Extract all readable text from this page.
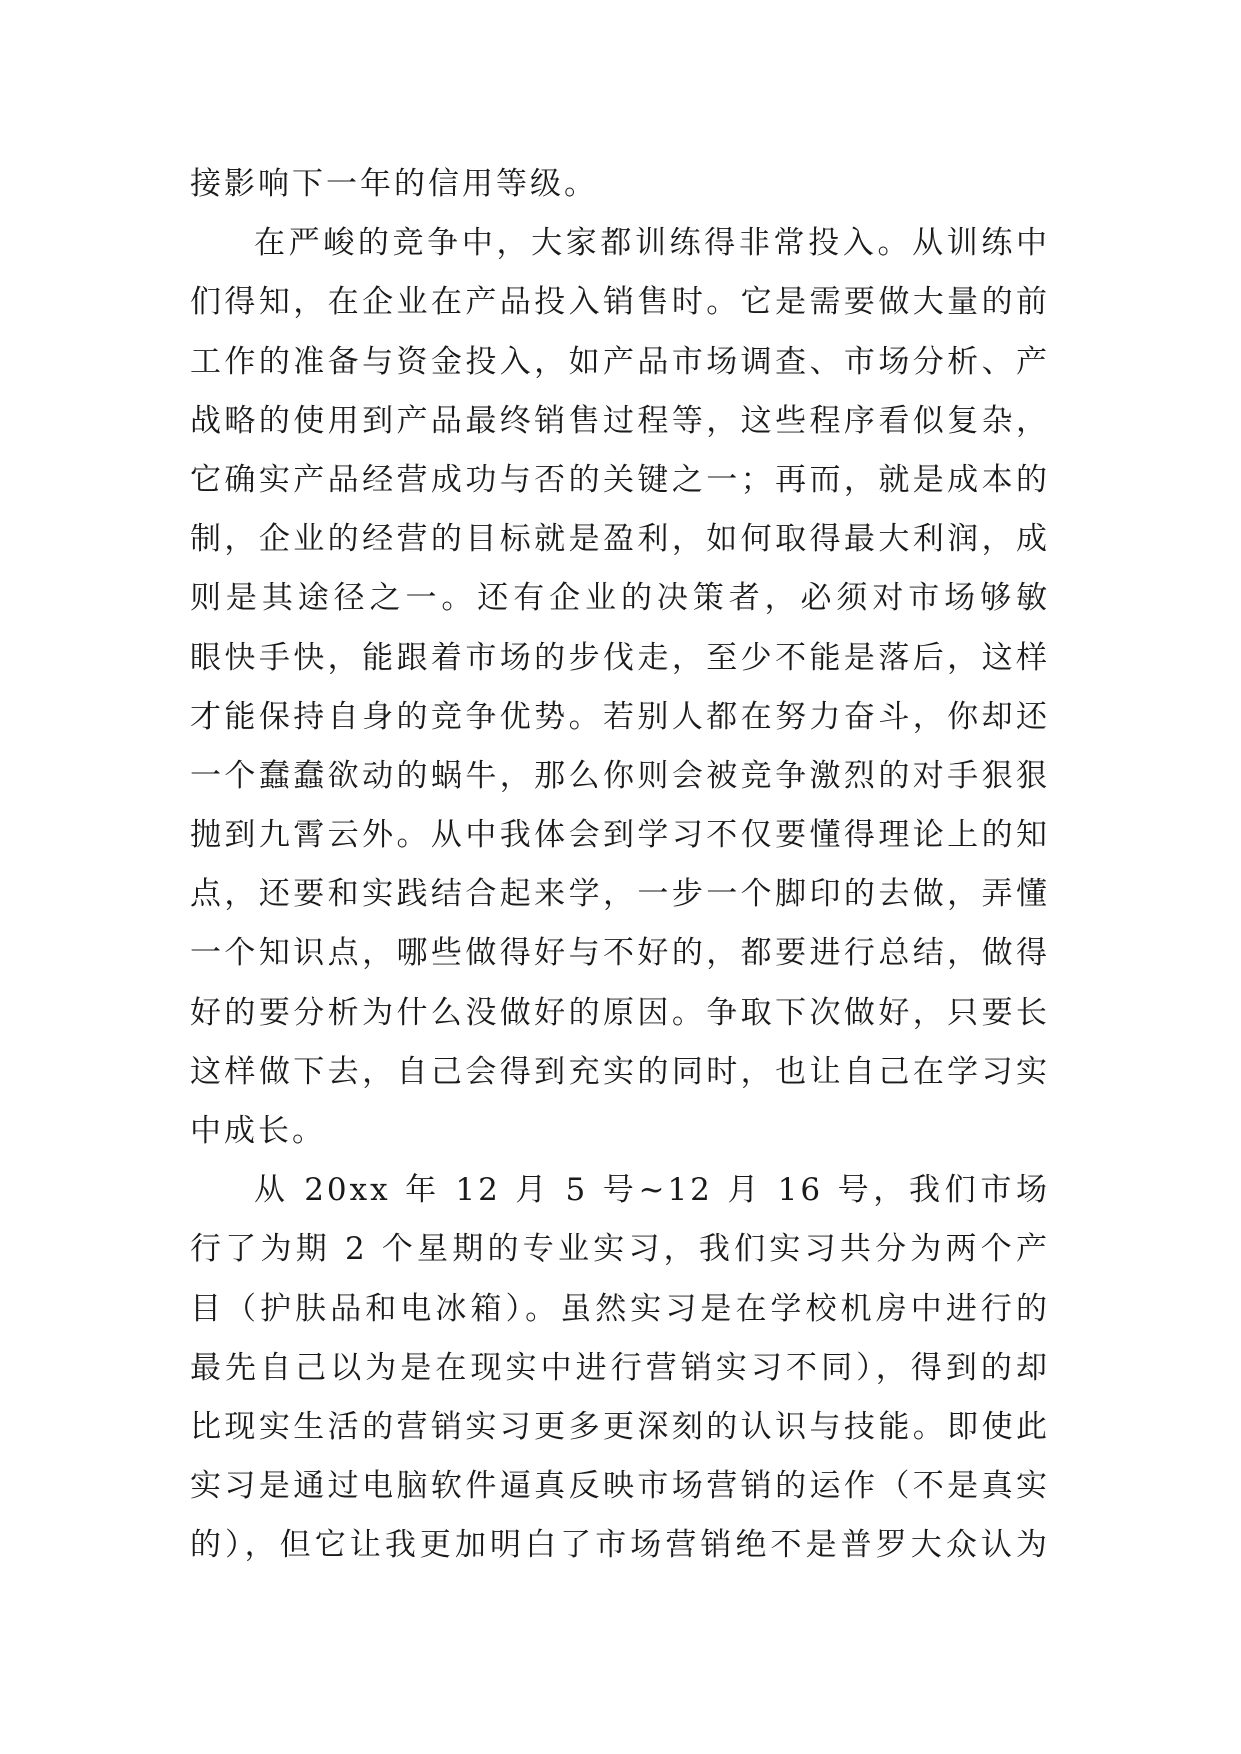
接影响下一年的信用等级。
在严峻的竞争中，大家都训练得非常投入。从训练中
们得知，在企业在产品投入销售时。它是需要做大量的前
工作的准备与资金投入，如产品市场调查、市场分析、产
战略的使用到产品最终销售过程等，这些程序看似复杂，
它确实产品经营成功与否的关键之一；再而，就是成本的
制，企业的经营的目标就是盈利，如何取得最大利润，成
则是其途径之一。还有企业的决策者，必须对市场够敏
眼快手快，能跟着市场的步伐走，至少不能是落后，这样
才能保持自身的竞争优势。若别人都在努力奋斗，你却还
一个蠢蠢欲动的蜗牛，那么你则会被竞争激烈的对手狠狠
抛到九霄云外。从中我体会到学习不仅要懂得理论上的知
点，还要和实践结合起来学，一步一个脚印的去做，弄懂
一个知识点，哪些做得好与不好的，都要进行总结，做得
好的要分析为什么没做好的原因。争取下次做好，只要长
这样做下去，自己会得到充实的同时，也让自己在学习实
中成长。
从 20xx 年 12 月 5 号~12 月 16 号，我们市场
行了为期 2 个星期的专业实习，我们实习共分为两个产
目（护肤品和电冰箱）。虽然实习是在学校机房中进行的
最先自己以为是在现实中进行营销实习不同），得到的却
比现实生活的营销实习更多更深刻的认识与技能。即使此
实习是通过电脑软件逼真反映市场营销的运作（不是真实
的），但它让我更加明白了市场营销绝不是普罗大众认为
